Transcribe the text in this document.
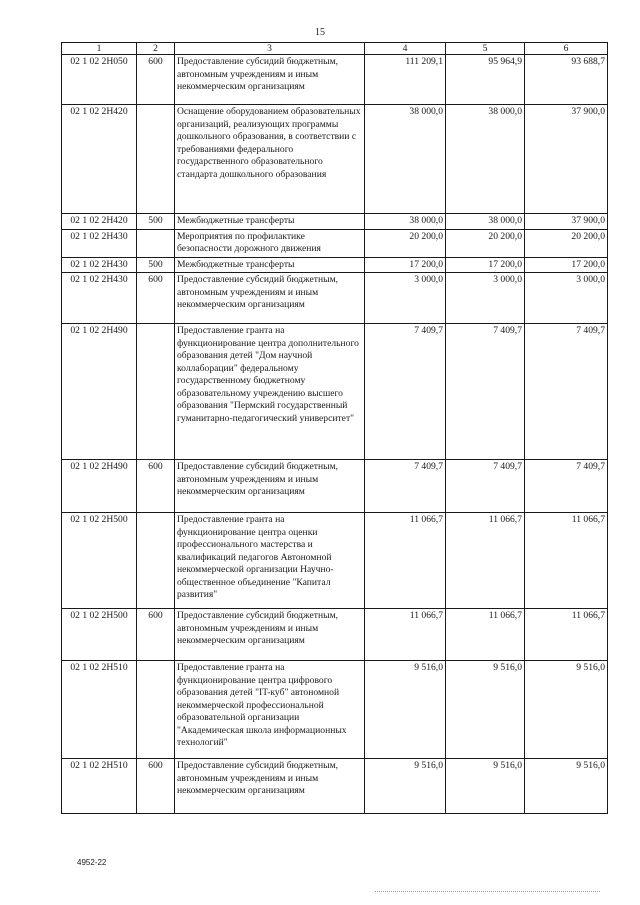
15
1	2	3	4	5	6
02 1 02 2Н050	600	Предоставление субсидий бюджетным, автономным учреждениям и иным некоммерческим организациям	111 209,1	95 964,9	93 688,7
02 1 02 2Н420		Оснащение оборудованием образовательных организаций, реализующих программы дошкольного образования, в соответствии с требованиями федерального государственного образовательного стандарта дошкольного образования	38 000,0	38 000,0	37 900,0
02 1 02 2Н420	500	Межбюджетные трансферты	38 000,0	38 000,0	37 900,0
02 1 02 2Н430		Мероприятия по профилактике безопасности дорожного движения	20 200,0	20 200,0	20 200,0
02 1 02 2Н430	500	Межбюджетные трансферты	17 200,0	17 200,0	17 200,0
02 1 02 2Н430	600	Предоставление субсидий бюджетным, автономным учреждениям и иным некоммерческим организациям	3 000,0	3 000,0	3 000,0
02 1 02 2Н490		Предоставление гранта на функционирование центра дополнительного образования детей "Дом научной коллаборации" федеральному государственному бюджетному образовательному учреждению высшего образования "Пермский государственный гуманитарно-педагогический университет"	7 409,7	7 409,7	7 409,7
02 1 02 2Н490	600	Предоставление субсидий бюджетным, автономным учреждениям и иным некоммерческим организациям	7 409,7	7 409,7	7 409,7
02 1 02 2Н500		Предоставление гранта на функционирование центра оценки профессионального мастерства и квалификаций педагогов Автономной некоммерческой организации Научно-общественное объединение "Капитал развития"	11 066,7	11 066,7	11 066,7
02 1 02 2Н500	600	Предоставление субсидий бюджетным, автономным учреждениям и иным некоммерческим организациям	11 066,7	11 066,7	11 066,7
02 1 02 2Н510		Предоставление гранта на функционирование центра цифрового образования детей "IT-куб" автономной некоммерческой профессиональной образовательной организации "Академическая школа информационных технологий"	9 516,0	9 516,0	9 516,0
02 1 02 2Н510	600	Предоставление субсидий бюджетным, автономным учреждениям и иным некоммерческим организациям	9 516,0	9 516,0	9 516,0
4952-22
